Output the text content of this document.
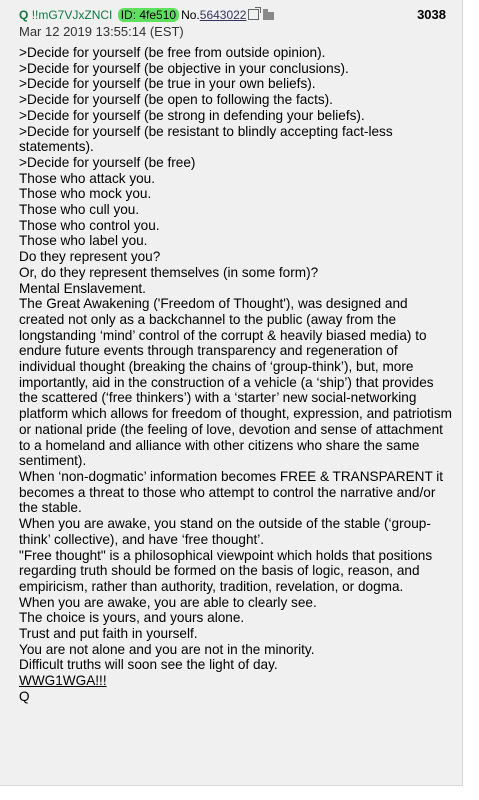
Q !!mG7VJxZNCI ID: 4fe510 No.5643022	3038
Mar 12 2019 13:55:14 (EST)

>Decide for yourself (be free from outside opinion).

>Decide for yourself (be objective in your conclusions).

>Decide for yourself (be true in your own beliefs).

>Decide for yourself (be open to following the facts).

>Decide for yourself (be strong in defending your beliefs).

>Decide for yourself (be resistant to blindly accepting fact-less statements).

>Decide for yourself (be free)

Those who attack you.

Those who mock you.

Those who cull you.

Those who control you.

Those who label you.

Do they represent you?

Or, do they represent themselves (in some form)?

Mental Enslavement.

The Great Awakening ('Freedom of Thought'), was designed and created not only as a backchannel to the public (away from the longstanding ‘mind’ control of the corrupt & heavily biased media) to endure future events through transparency and regeneration of individual thought (breaking the chains of ‘group-think’), but, more importantly, aid in the construction of a vehicle (a ‘ship’) that provides the scattered (‘free thinkers’) with a ‘starter’ new social-networking platform which allows for freedom of thought, expression, and patriotism or national pride (the feeling of love, devotion and sense of attachment to a homeland and alliance with other citizens who share the same sentiment).

When ‘non-dogmatic’ information becomes FREE & TRANSPARENT it becomes a threat to those who attempt to control the narrative and/or the stable.

When you are awake, you stand on the outside of the stable (‘group-think’ collective), and have ‘free thought’.

"Free thought" is a philosophical viewpoint which holds that positions regarding truth should be formed on the basis of logic, reason, and empiricism, rather than authority, tradition, revelation, or dogma.

When you are awake, you are able to clearly see.

The choice is yours, and yours alone.

Trust and put faith in yourself.

You are not alone and you are not in the minority.

Difficult truths will soon see the light of day.

WWG1WGA!!!

Q
